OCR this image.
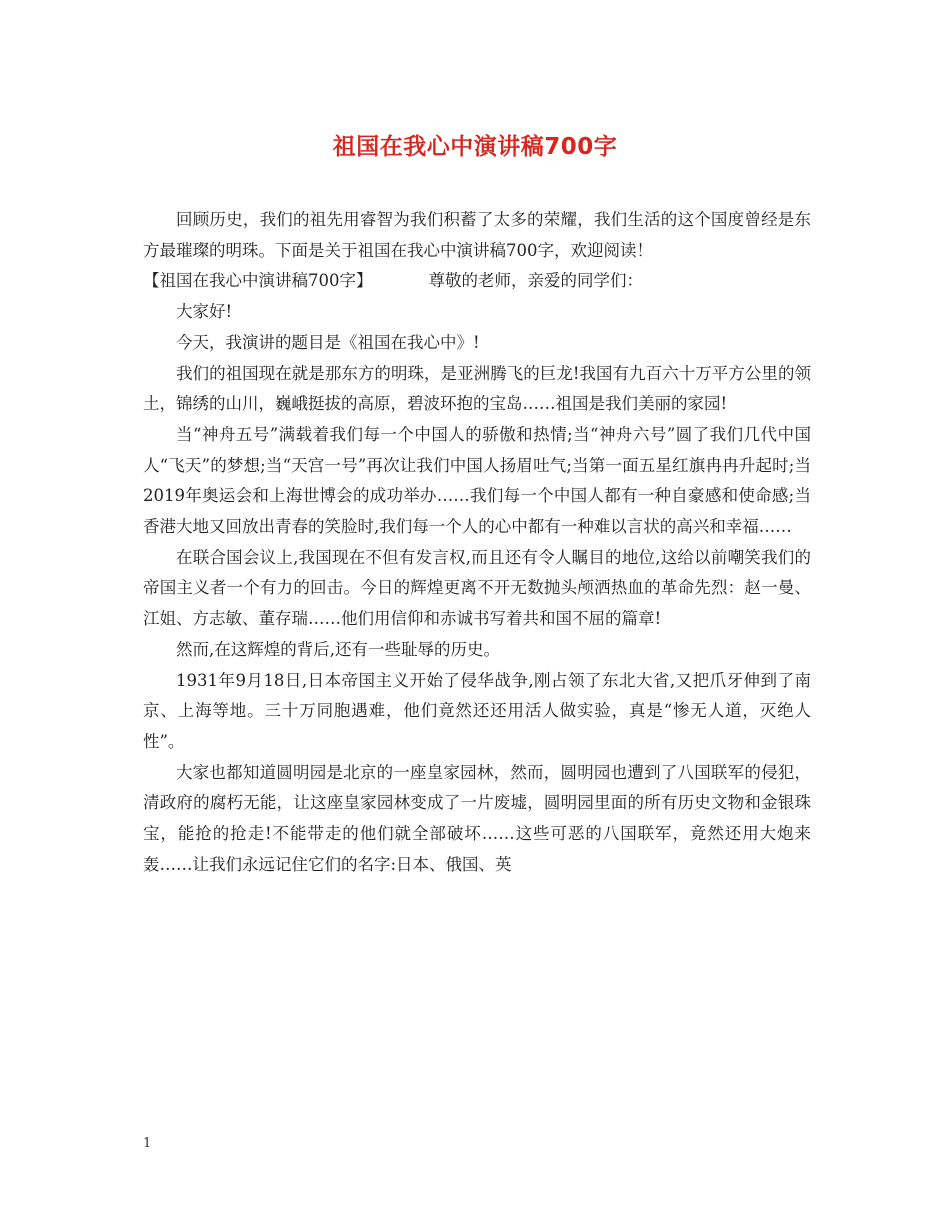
祖国在我心中演讲稿700字

回顾历史，我们的祖先用睿智为我们积蓄了太多的荣耀，我们生活的这个国度曾经是东方最璀璨的明珠。下面是关于祖国在我心中演讲稿700字，欢迎阅读！

【祖国在我心中演讲稿700字】	尊敬的老师，亲爱的同学们：

大家好!

今天，我演讲的题目是《祖国在我心中》!

我们的祖国现在就是那东方的明珠，是亚洲腾飞的巨龙!我国有九百六十万平方公里的领土，锦绣的山川，巍峨挺拔的高原，碧波环抱的宝岛……祖国是我们美丽的家园!

当“神舟五号”满载着我们每一个中国人的骄傲和热情;当“神舟六号”圆了我们几代中国人“飞天”的梦想;当“天宫一号”再次让我们中国人扬眉吐气;当第一面五星红旗冉冉升起时;当2019年奥运会和上海世博会的成功举办……我们每一个中国人都有一种自豪感和使命感;当香港大地又回放出青春的笑脸时,我们每一个人的心中都有一种难以言状的高兴和幸福……

在联合国会议上,我国现在不但有发言权,而且还有令人瞩目的地位,这给以前嘲笑我们的帝国主义者一个有力的回击。今日的辉煌更离不开无数抛头颅洒热血的革命先烈：赵一曼、江姐、方志敏、董存瑞……他们用信仰和赤诚书写着共和国不屈的篇章!

然而,在这辉煌的背后,还有一些耻辱的历史。

1931年9月18日,日本帝国主义开始了侵华战争,刚占领了东北大省,又把爪牙伸到了南京、上海等地。三十万同胞遇难，他们竟然还还用活人做实验，真是“惨无人道，灭绝人性”。

大家也都知道圆明园是北京的一座皇家园林，然而，圆明园也遭到了八国联军的侵犯，清政府的腐朽无能，让这座皇家园林变成了一片废墟，圆明园里面的所有历史文物和金银珠宝，能抢的抢走!不能带走的他们就全部破坏……这些可恶的八国联军，竟然还用大炮来轰……让我们永远记住它们的名字:日本、俄国、英

1
